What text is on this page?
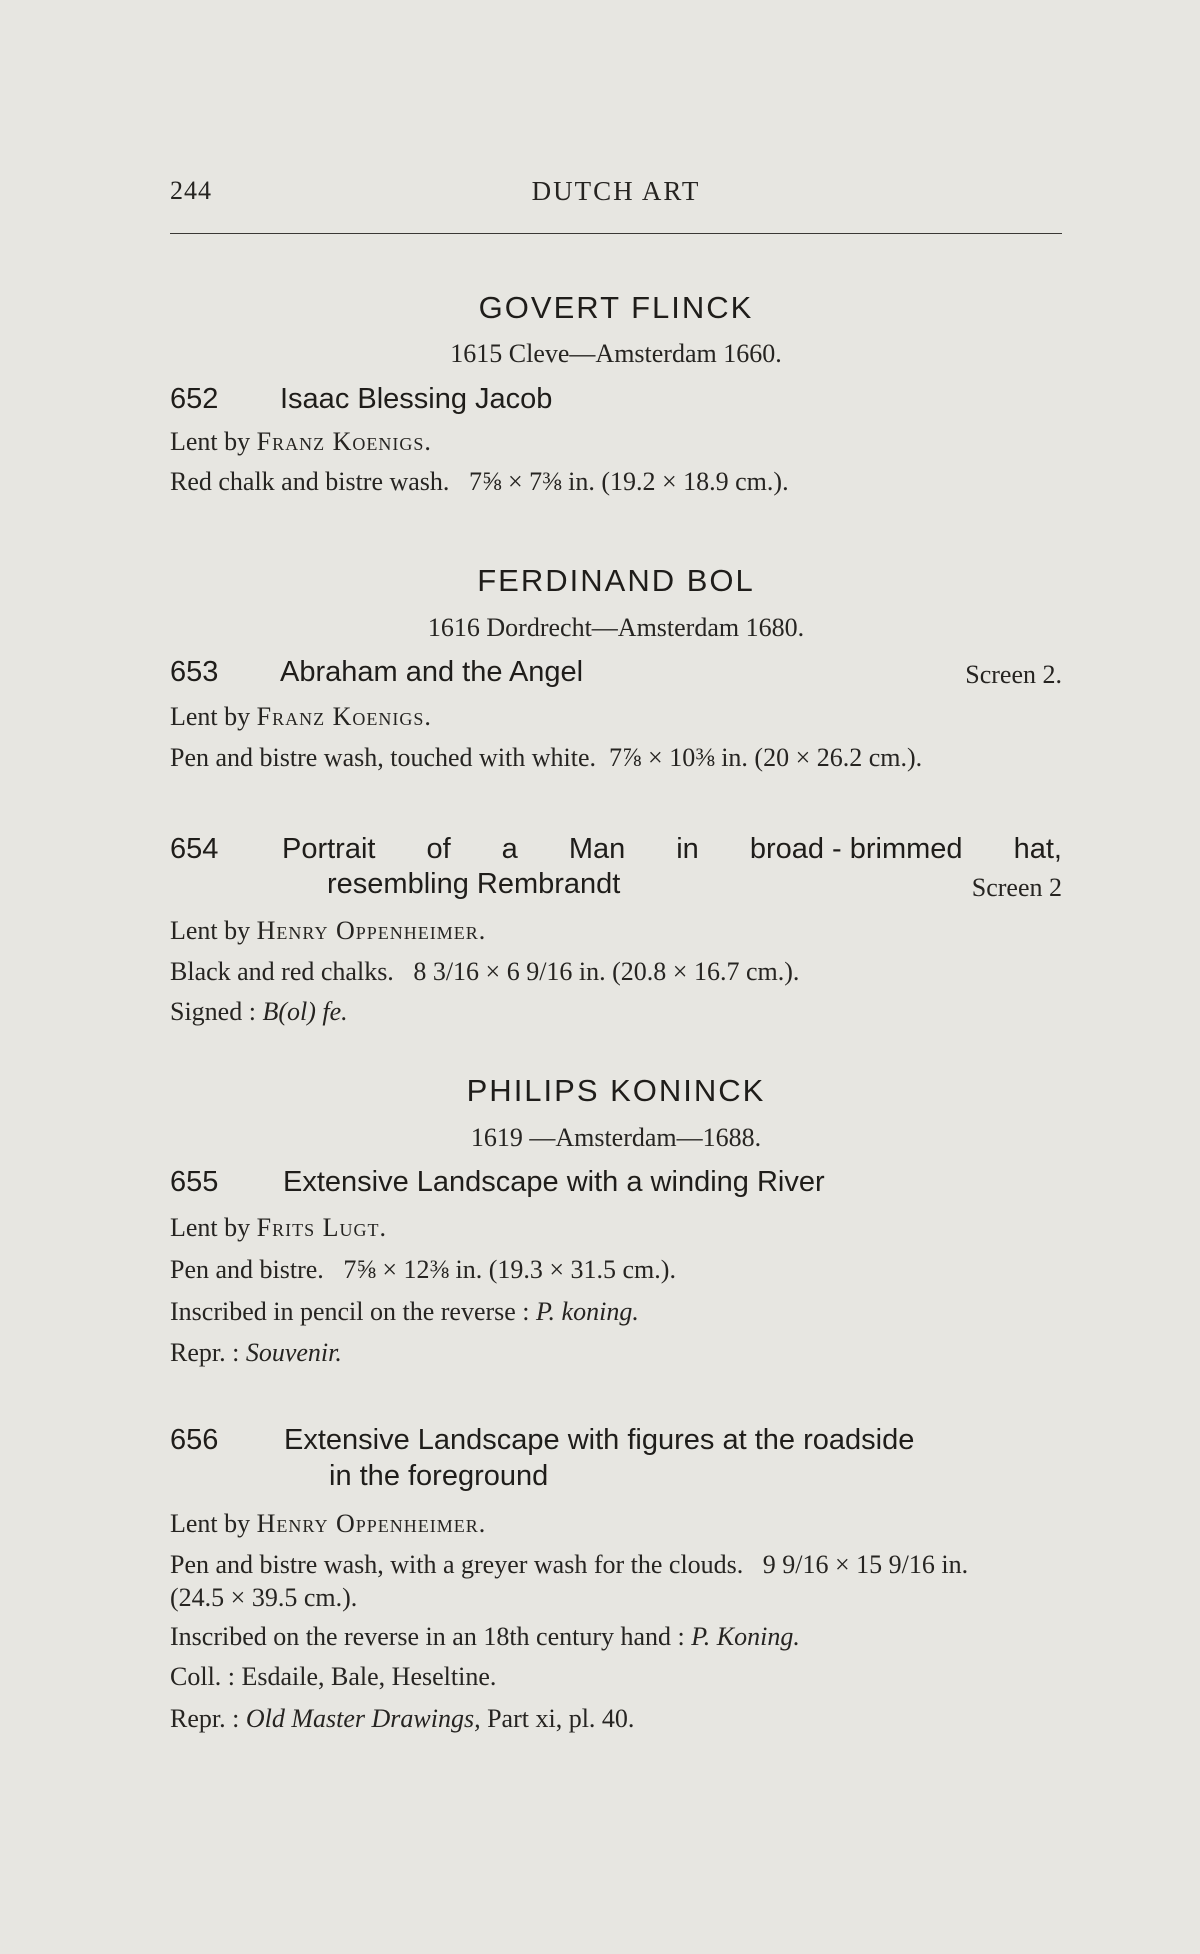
244	DUTCH ART
GOVERT FLINCK
1615 Cleve—Amsterdam 1660.
652 Isaac Blessing Jacob
Lent by Franz Koenigs.
Red chalk and bistre wash. 7⅝ × 7⅜ in. (19.2 × 18.9 cm.).
FERDINAND BOL
1616 Dordrecht—Amsterdam 1680.
653 Abraham and the Angel	Screen 2.
Lent by Franz Koenigs.
Pen and bistre wash, touched with white. 7⅞ × 10⅜ in. (20 × 26.2 cm.).
654 Portrait of a Man in broad - brimmed hat,
resembling Rembrandt	Screen 2
Lent by Henry Oppenheimer.
Black and red chalks. 8 3/16 × 6 9/16 in. (20.8 × 16.7 cm.).
Signed : B(ol) fe.
PHILIPS KONINCK
1619 —Amsterdam—1688.
655 Extensive Landscape with a winding River
Lent by Frits Lugt.
Pen and bistre. 7⅝ × 12⅜ in. (19.3 × 31.5 cm.).
Inscribed in pencil on the reverse : P. koning.
Repr. : Souvenir.
656 Extensive Landscape with figures at the roadside
in the foreground
Lent by Henry Oppenheimer.
Pen and bistre wash, with a greyer wash for the clouds. 9 9/16 × 15 9/16 in.
(24.5 × 39.5 cm.).
Inscribed on the reverse in an 18th century hand : P. Koning.
Coll. : Esdaile, Bale, Heseltine.
Repr. : Old Master Drawings, Part xi, pl. 40.
